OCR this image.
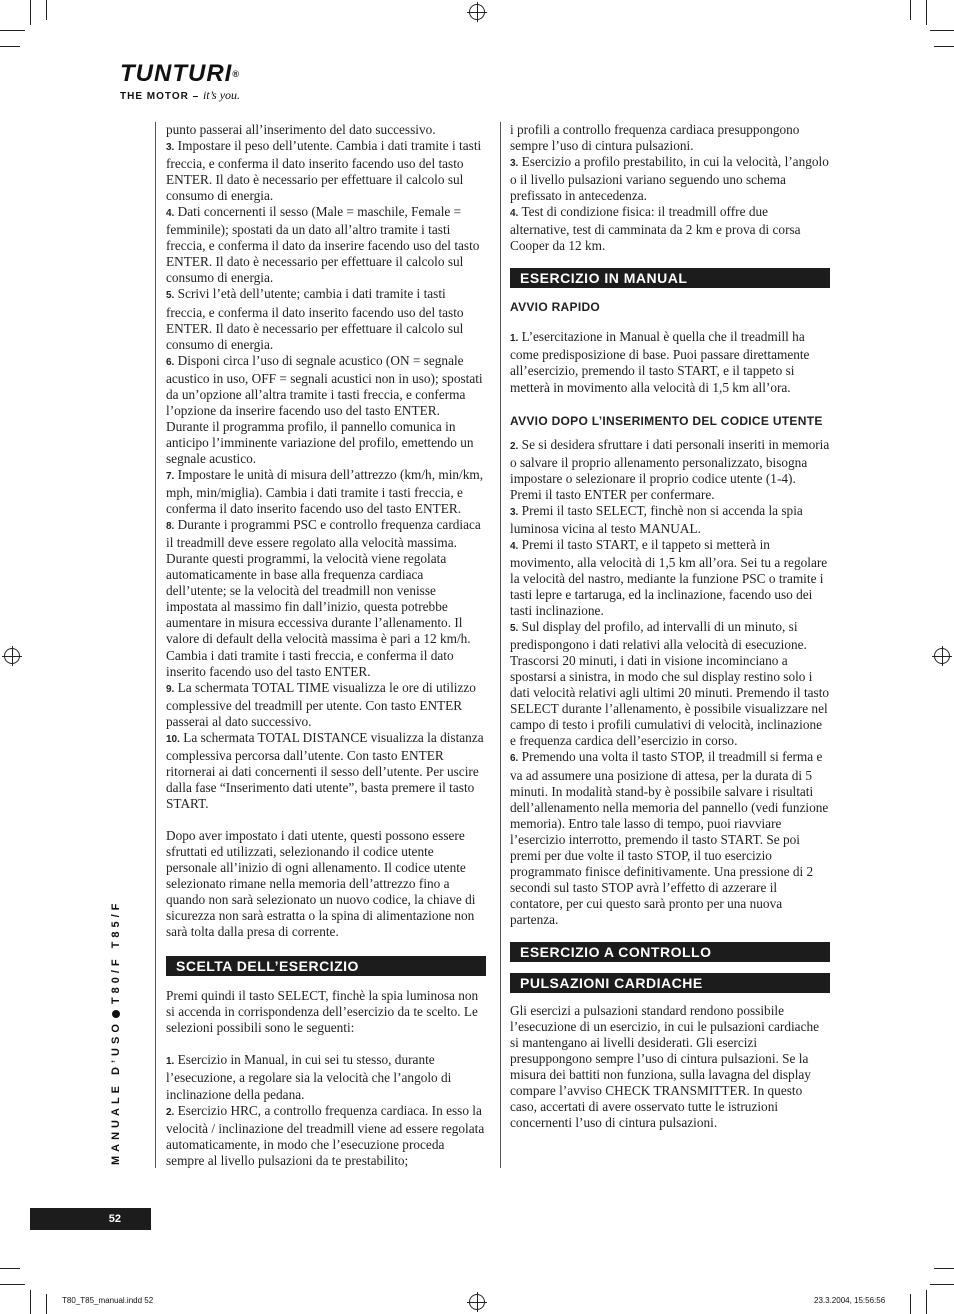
TUNTURI®
THE MOTOR – it’s you.

punto passerai all’inserimento del dato successivo.

3. Impostare il peso dell’utente. Cambia i dati tramite i tasti freccia, e conferma il dato inserito facendo uso del tasto ENTER. Il dato è necessario per effettuare il calcolo sul consumo di energia.

4. Dati concernenti il sesso (Male = maschile, Female = femminile); spostati da un dato all’altro tramite i tasti freccia, e conferma il dato da inserire facendo uso del tasto ENTER. Il dato è necessario per effettuare il calcolo sul consumo di energia.

5. Scrivi l’età dell’utente; cambia i dati tramite i tasti freccia, e conferma il dato inserito facendo uso del tasto ENTER. Il dato è necessario per effettuare il calcolo sul consumo di energia.

6. Disponi circa l’uso di segnale acustico (ON = segnale acustico in uso, OFF = segnali acustici non in uso); spostati da un’opzione all’altra tramite i tasti freccia, e conferma l’opzione da inserire facendo uso del tasto ENTER. Durante il programma profilo, il pannello comunica in anticipo l’imminente variazione del profilo, emettendo un segnale acustico.

7. Impostare le unità di misura dell’attrezzo (km/h, min/km, mph, min/miglia). Cambia i dati tramite i tasti freccia, e conferma il dato inserito facendo uso del tasto ENTER.

8. Durante i programmi PSC e controllo frequenza cardiaca il treadmill deve essere regolato alla velocità massima. Durante questi programmi, la velocità viene regolata automaticamente in base alla frequenza cardiaca dell’utente; se la velocità del treadmill non venisse impostata al massimo fin dall’inizio, questa potrebbe aumentare in misura eccessiva durante l’allenamento. Il valore di default della velocità massima è pari a 12 km/h. Cambia i dati tramite i tasti freccia, e conferma il dato inserito facendo uso del tasto ENTER.

9. La schermata TOTAL TIME visualizza le ore di utilizzo complessive del treadmill per utente. Con tasto ENTER passerai al dato successivo.

10. La schermata TOTAL DISTANCE visualizza la distanza complessiva percorsa dall’utente. Con tasto ENTER ritornerai ai dati concernenti il sesso dell’utente. Per uscire dalla fase “Inserimento dati utente”, basta premere il tasto START.

Dopo aver impostato i dati utente, questi possono essere sfruttati ed utilizzati, selezionando il codice utente personale all’inizio di ogni allenamento. Il codice utente selezionato rimane nella memoria dell’attrezzo fino a quando non sarà selezionato un nuovo codice, la chiave di sicurezza non sarà estratta o la spina di alimentazione non sarà tolta dalla presa di corrente.

SCELTA DELL’ESERCIZIO

Premi quindi il tasto SELECT, finchè la spia luminosa non si accenda in corrispondenza dell’esercizio da te scelto. Le selezioni possibili sono le seguenti:

1. Esercizio in Manual, in cui sei tu stesso, durante l’esecuzione, a regolare sia la velocità che l’angolo di inclinazione della pedana.

2. Esercizio HRC, a controllo frequenza cardiaca. In esso la velocità / inclinazione del treadmill viene ad essere regolata automaticamente, in modo che l’esecuzione proceda sempre al livello pulsazioni da te prestabilito;

i profili a controllo frequenza cardiaca presuppongono sempre l’uso di cintura pulsazioni.

3. Esercizio a profilo prestabilito, in cui la velocità, l’angolo o il livello pulsazioni variano seguendo uno schema prefissato in antecedenza.

4. Test di condizione fisica: il treadmill offre due alternative, test di camminata da 2 km e prova di corsa Cooper da 12 km.

ESERCIZIO IN MANUAL
AVVIO RAPIDO

1. L’esercitazione in Manual è quella che il treadmill ha come predisposizione di base. Puoi passare direttamente all’esercizio, premendo il tasto START, e il tappeto si metterà in movimento alla velocità di 1,5 km all’ora.

AVVIO DOPO L’INSERIMENTO DEL CODICE UTENTE

2. Se si desidera sfruttare i dati personali inseriti in memoria o salvare il proprio allenamento personalizzato, bisogna impostare o selezionare il proprio codice utente (1-4). Premi il tasto ENTER per confermare.

3. Premi il tasto SELECT, finchè non si accenda la spia luminosa vicina al testo MANUAL.

4. Premi il tasto START, e il tappeto si metterà in movimento, alla velocità di 1,5 km all’ora. Sei tu a regolare la velocità del nastro, mediante la funzione PSC o tramite i tasti lepre e tartaruga, ed la inclinazione, facendo uso dei tasti inclinazione.

5. Sul display del profilo, ad intervalli di un minuto, si predispongono i dati relativi alla velocità di esecuzione. Trascorsi 20 minuti, i dati in visione incominciano a spostarsi a sinistra, in modo che sul display restino solo i dati velocità relativi agli ultimi 20 minuti. Premendo il tasto SELECT durante l’allenamento, è possibile visualizzare nel campo di testo i profili cumulativi di velocità, inclinazione e frequenza cardica dell’esercizio in corso.

6. Premendo una volta il tasto STOP, il treadmill si ferma e va ad assumere una posizione di attesa, per la durata di 5 minuti. In modalità stand-by è possibile salvare i risultati dell’allenamento nella memoria del pannello (vedi funzione memoria). Entro tale lasso di tempo, puoi riavviare l’esercizio interrotto, premendo il tasto START. Se poi premi per due volte il tasto STOP, il tuo esercizio programmato finisce definitivamente. Una pressione di 2 secondi sul tasto STOP avrà l’effetto di azzerare il contatore, per cui questo sarà pronto per una nuova partenza.

ESERCIZIO A CONTROLLO
PULSAZIONI CARDIACHE

Gli esercizi a pulsazioni standard rendono possibile l’esecuzione di un esercizio, in cui le pulsazioni cardiache si mantengano ai livelli desiderati. Gli esercizi presuppongono sempre l’uso di cintura pulsazioni. Se la misura dei battiti non funziona, sulla lavagna del display compare l’avviso CHECK TRANSMITTER. In questo caso, accertati di avere osservato tutte le istruzioni concernenti l’uso di cintura pulsazioni.

MANUALE D’USOT80/F T85/F
52
T80_T85_manual.indd 52	23.3.2004, 15:56:56
